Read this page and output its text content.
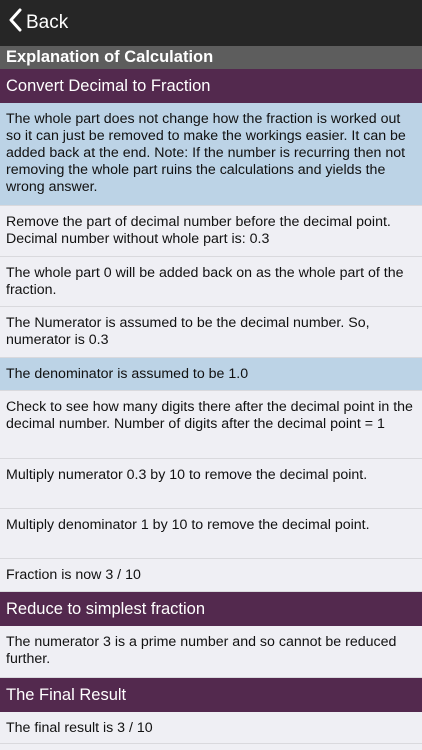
Back
Explanation of Calculation
Convert Decimal to Fraction
The whole part does not change how the fraction is worked out so it can just be removed to make the workings easier. It can be added back at the end. Note: If the number is recurring then not removing the whole part ruins the calculations and yields the wrong answer.
Remove the part of decimal number before the decimal point. Decimal number without whole part is: 0.3
The whole part 0 will be added back on as the whole part of the fraction.
The Numerator is assumed to be the decimal number. So, numerator is 0.3
The denominator is assumed to be 1.0
Check to see how many digits there after the decimal point in the decimal number. Number of digits after the decimal point = 1
Multiply numerator 0.3 by 10 to remove the decimal point.
Multiply denominator 1 by 10 to remove the decimal point.
Fraction is now 3 / 10
Reduce to simplest fraction
The numerator 3 is a prime number and so cannot be reduced further.
The Final Result
The final result is 3 / 10
